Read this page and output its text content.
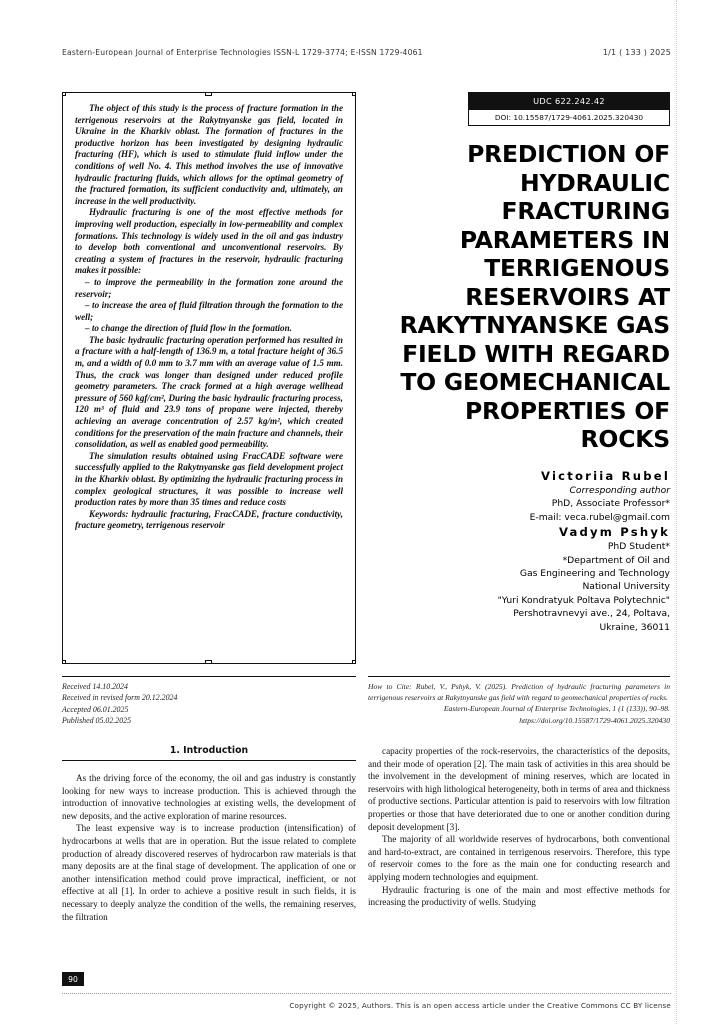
Eastern-European Journal of Enterprise Technologies ISSN-L 1729-3774; E-ISSN 1729-4061	1/1 ( 133 ) 2025

The object of this study is the process of fracture formation in the terrigenous reservoirs at the Rakytnyanske gas field, located in Ukraine in the Kharkiv oblast. The formation of fractures in the productive horizon has been investigated by designing hydraulic fracturing (HF), which is used to stimulate fluid inflow under the conditions of well No. 4. This method involves the use of innovative hydraulic fracturing fluids, which allows for the optimal geometry of the fractured formation, its sufficient conductivity and, ultimately, an increase in the well productivity.

Hydraulic fracturing is one of the most effective methods for improving well production, especially in low-permeability and complex formations. This technology is widely used in the oil and gas industry to develop both conventional and unconventional reservoirs. By creating a system of fractures in the reservoir, hydraulic fracturing makes it possible:

– to improve the permeability in the formation zone around the reservoir;

– to increase the area of fluid filtration through the formation to the well;

– to change the direction of fluid flow in the formation.

The basic hydraulic fracturing operation performed has resulted in a fracture with a half-length of 136.9 m, a total fracture height of 36.5 m, and a width of 0.0 mm to 3.7 mm with an average value of 1.5 mm. Thus, the crack was longer than designed under reduced profile geometry parameters. The crack formed at a high average wellhead pressure of 560 kgf/cm², During the basic hydraulic fracturing process, 120 m³ of fluid and 23.9 tons of propane were injected, thereby achieving an average concentration of 2.57 kg/m², which created conditions for the preservation of the main fracture and channels, their consolidation, as well as enabled good permeability.

The simulation results obtained using FracCADE software were successfully applied to the Rakytnyanske gas field development project in the Kharkiv oblast. By optimizing the hydraulic fracturing process in complex geological structures, it was possible to increase well production rates by more than 35 times and reduce costs

Keywords: hydraulic fracturing, FracCADE, fracture conductivity, fracture geometry, terrigenous reservoir

UDC 622.242.42
DOI: 10.15587/1729-4061.2025.320430
PREDICTION OF HYDRAULIC FRACTURING PARAMETERS IN TERRIGENOUS RESERVOIRS AT RAKYTNYANSKE GAS FIELD WITH REGARD TO GEOMECHANICAL PROPERTIES OF ROCKS
Victoriia Rubel
Corresponding author
PhD, Associate Professor*
E-mail: veca.rubel@gmail.com
Vadym Pshyk
PhD Student*
*Department of Oil and
Gas Engineering and Technology
National University
"Yuri Kondratyuk Poltava Polytechnic"
Pershotravnevyi ave., 24, Poltava,
Ukraine, 36011
Received 14.10.2024
Received in revised form 20.12.2024
Accepted 06.01.2025
Published 05.02.2025
How to Cite: Rubel, V., Pshyk, V. (2025). Prediction of hydraulic fracturing parameters in terrigenous reservoirs at Rakytnyanske gas field with regard to geomechanical properties of rocks.
Eastern-European Journal of Enterprise Technologies, 1 (1 (133)), 90–98.
https://doi.org/10.15587/1729-4061.2025.320430
1. Introduction

As the driving force of the economy, the oil and gas industry is constantly looking for new ways to increase production. This is achieved through the introduction of innovative technologies at existing wells, the development of new deposits, and the active exploration of marine resources.

The least expensive way is to increase production (intensification) of hydrocarbons at wells that are in operation. But the issue related to complete production of already discovered reserves of hydrocarbon raw materials is that many deposits are at the final stage of development. The application of one or another intensification method could prove impractical, inefficient, or not effective at all [1]. In order to achieve a positive result in such fields, it is necessary to deeply analyze the condition of the wells, the remaining reserves, the filtration

capacity properties of the rock-reservoirs, the characteristics of the deposits, and their mode of operation [2]. The main task of activities in this area should be the involvement in the development of mining reserves, which are located in reservoirs with high lithological heterogeneity, both in terms of area and thickness of productive sections. Particular attention is paid to reservoirs with low filtration properties or those that have deteriorated due to one or another condition during deposit development [3].

The majority of all worldwide reserves of hydrocarbons, both conventional and hard-to-extract, are contained in terrigenous reservoirs. Therefore, this type of reservoir comes to the fore as the main one for conducting research and applying modern technologies and equipment.

Hydraulic fracturing is one of the main and most effective methods for increasing the productivity of wells. Studying

90
Copyright © 2025, Authors. This is an open access article under the Creative Commons CC BY license
